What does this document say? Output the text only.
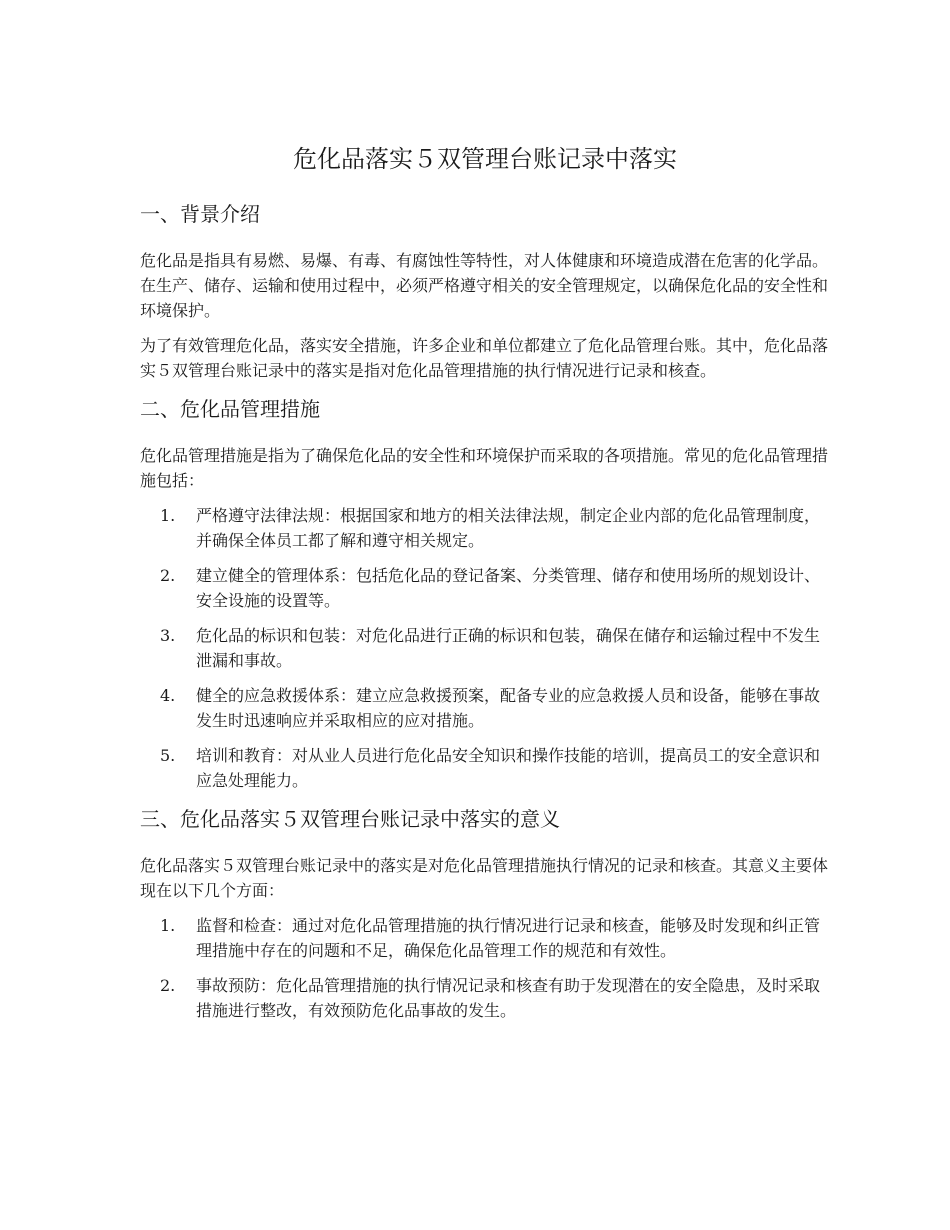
危化品落实５双管理台账记录中落实
一、背景介绍

危化品是指具有易燃、易爆、有毒、有腐蚀性等特性，对人体健康和环境造成潜在危害的化学品。在生产、储存、运输和使用过程中，必须严格遵守相关的安全管理规定，以确保危化品的安全性和环境保护。

为了有效管理危化品，落实安全措施，许多企业和单位都建立了危化品管理台账。其中，危化品落实５双管理台账记录中的落实是指对危化品管理措施的执行情况进行记录和核查。

二、危化品管理措施

危化品管理措施是指为了确保危化品的安全性和环境保护而采取的各项措施。常见的危化品管理措施包括：

1.	严格遵守法律法规：根据国家和地方的相关法律法规，制定企业内部的危化品管理制度，并确保全体员工都了解和遵守相关规定。
2.	建立健全的管理体系：包括危化品的登记备案、分类管理、储存和使用场所的规划设计、安全设施的设置等。
3.	危化品的标识和包装：对危化品进行正确的标识和包装，确保在储存和运输过程中不发生泄漏和事故。
4.	健全的应急救援体系：建立应急救援预案，配备专业的应急救援人员和设备，能够在事故发生时迅速响应并采取相应的应对措施。
5.	培训和教育：对从业人员进行危化品安全知识和操作技能的培训，提高员工的安全意识和应急处理能力。
三、危化品落实５双管理台账记录中落实的意义

危化品落实５双管理台账记录中的落实是对危化品管理措施执行情况的记录和核查。其意义主要体现在以下几个方面：

1.	监督和检查：通过对危化品管理措施的执行情况进行记录和核查，能够及时发现和纠正管理措施中存在的问题和不足，确保危化品管理工作的规范和有效性。
2.	事故预防：危化品管理措施的执行情况记录和核查有助于发现潜在的安全隐患，及时采取措施进行整改，有效预防危化品事故的发生。
